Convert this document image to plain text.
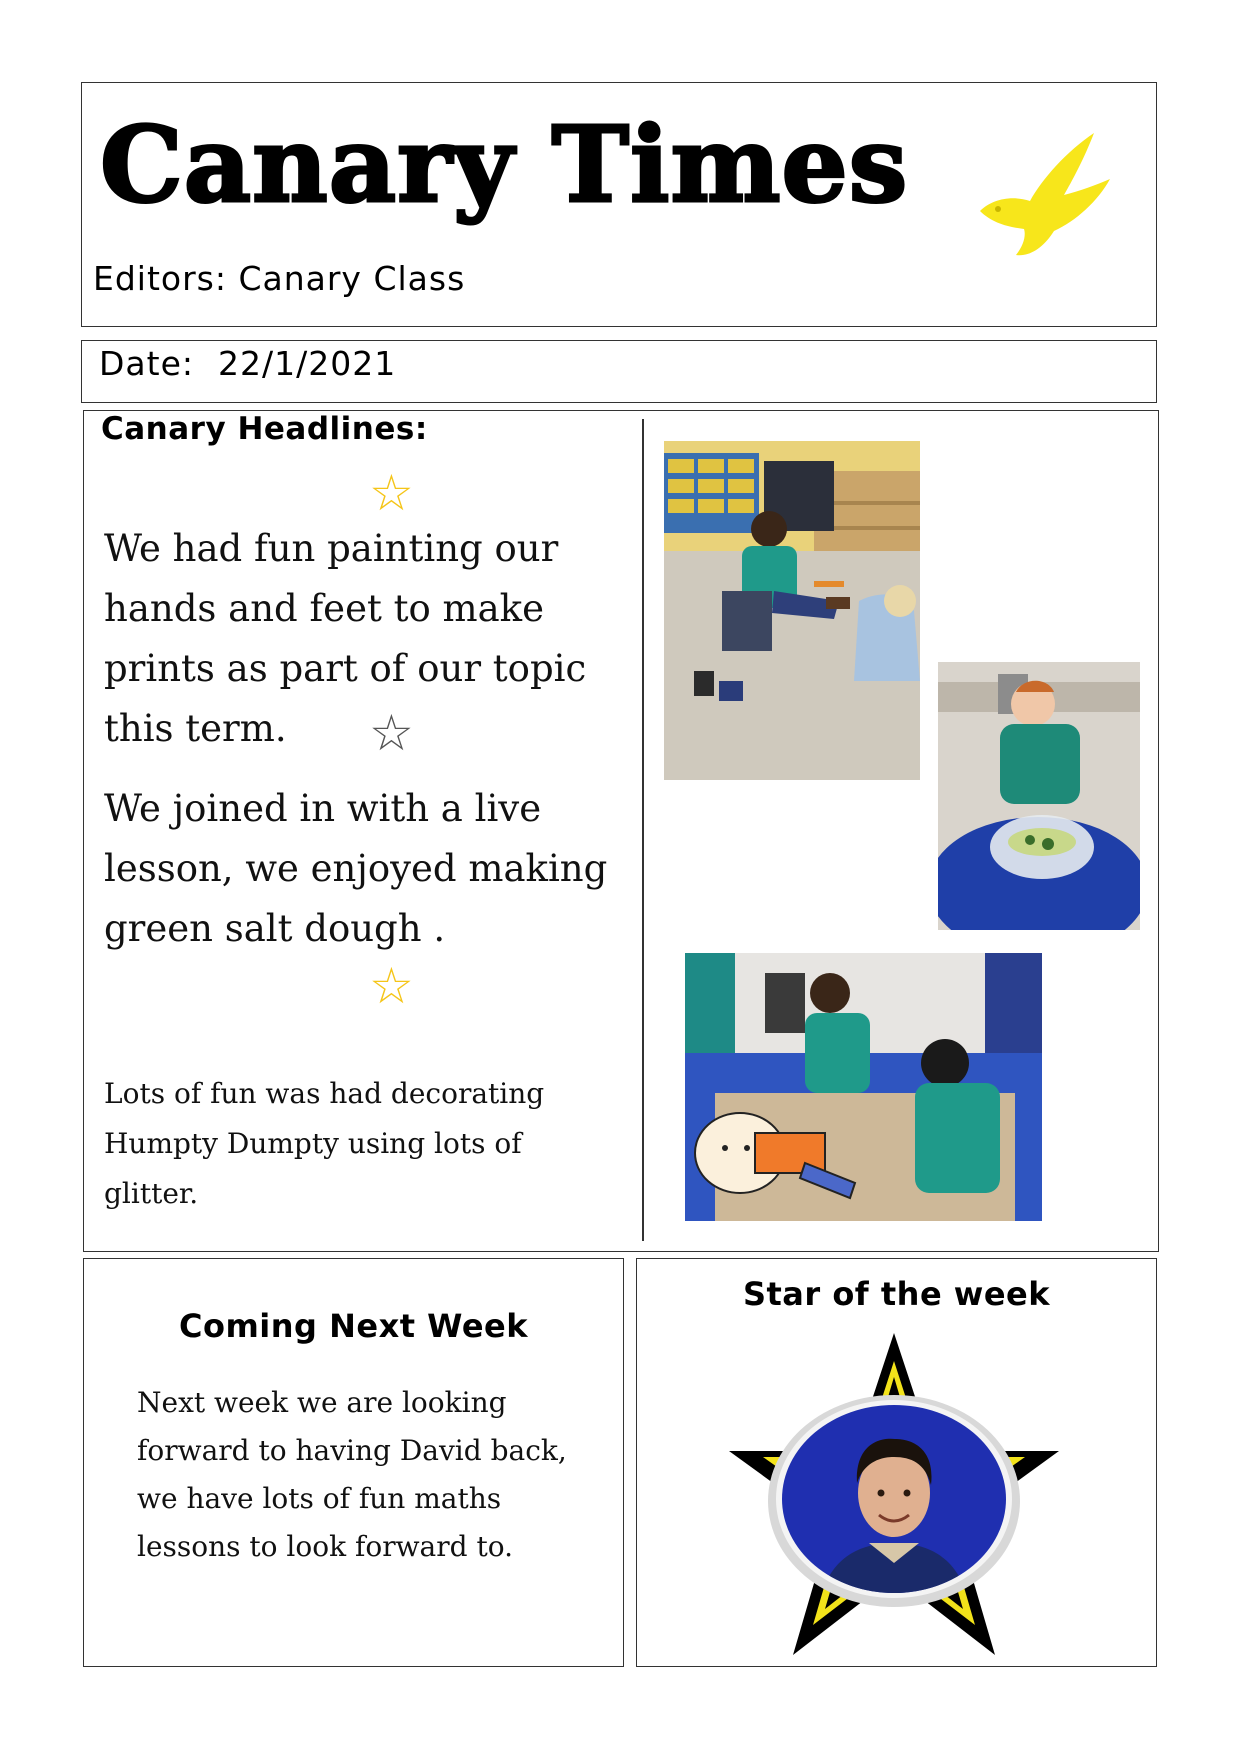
Canary Times
Editors: Canary Class
Date: 22/1/2021
Canary Headlines:
☆

We had fun painting our hands and feet to make prints as part of our topic this term.	☆

We joined in with a live lesson, we enjoyed making green salt dough .

☆

Lots of fun was had decorating Humpty Dumpty using lots of glitter.

Coming Next Week

Next week we are looking forward to having David back, we have lots of fun maths lessons to look forward to.

Star of the week
